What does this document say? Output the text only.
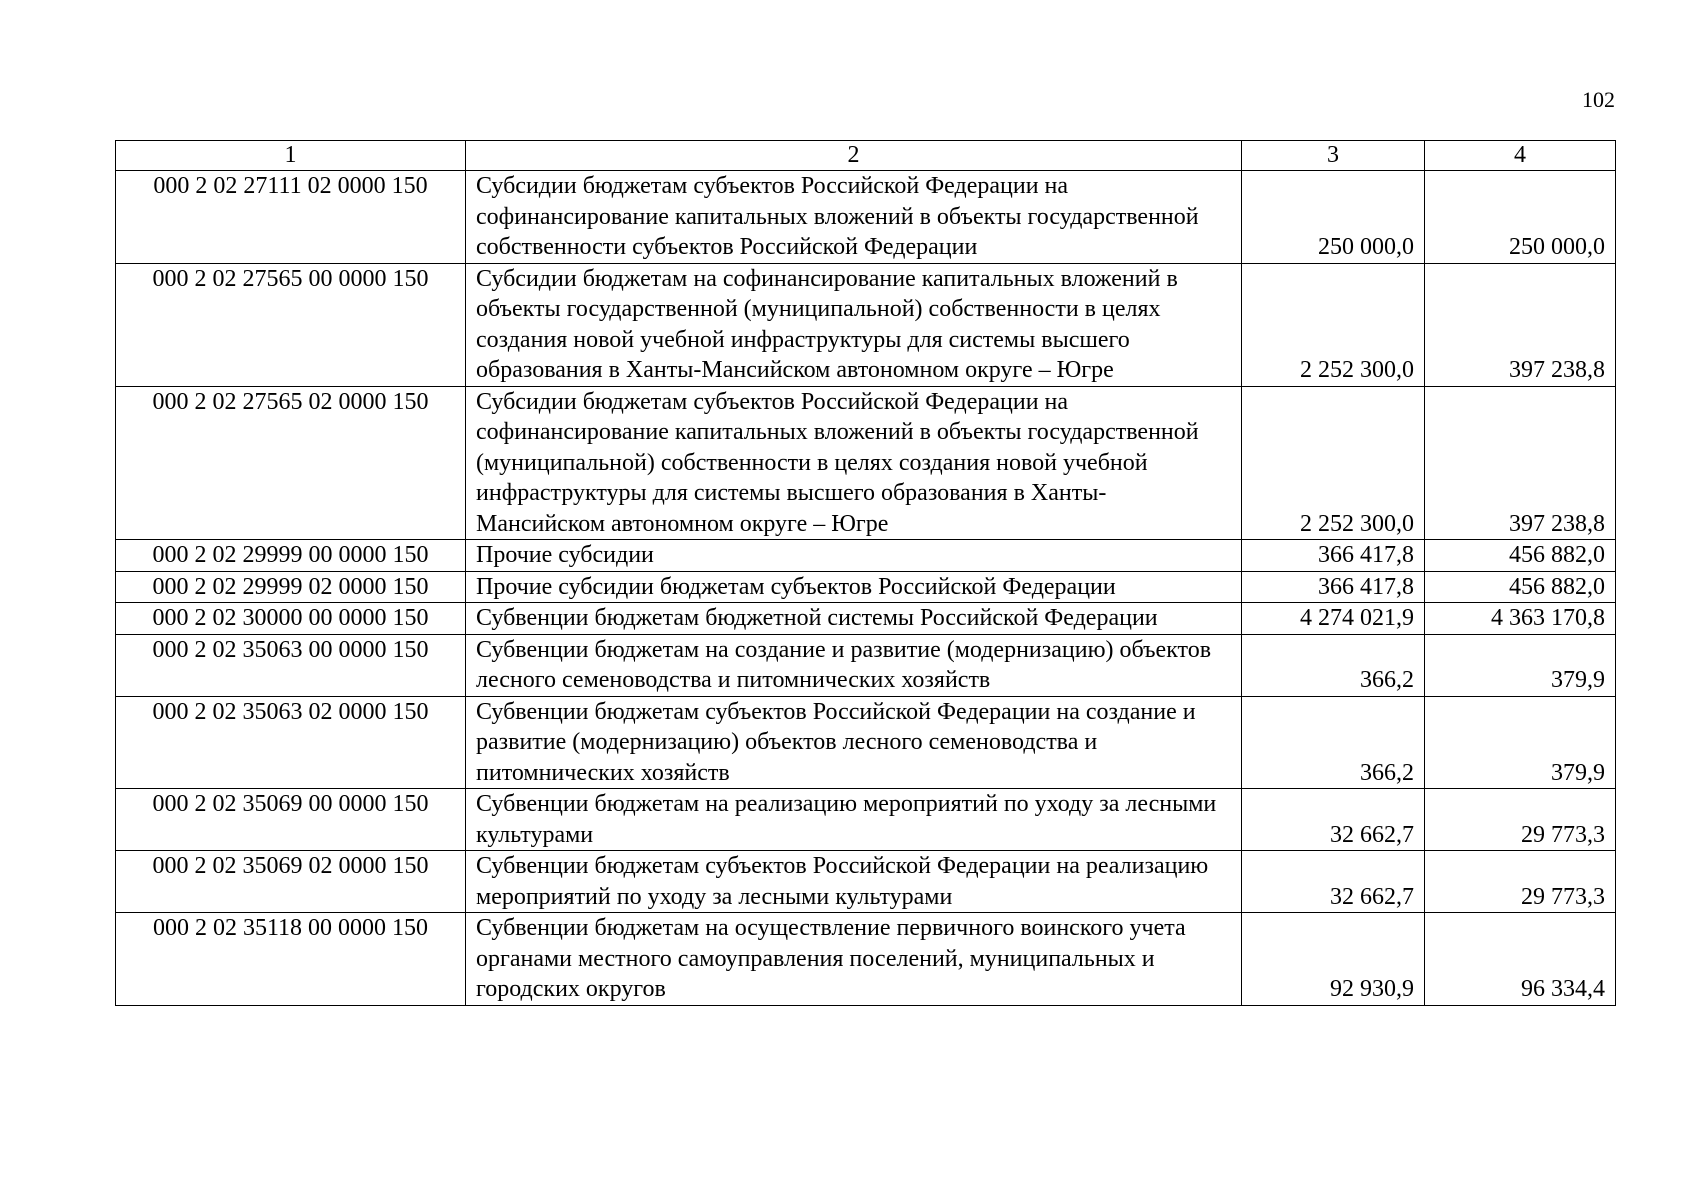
102
1	2	3	4
000 2 02 27111 02 0000 150	Субсидии бюджетам субъектов Российской Федерации на софинансирование капитальных вложений в объекты государственной собственности субъектов Российской Федерации	250 000,0	250 000,0
000 2 02 27565 00 0000 150	Субсидии бюджетам на софинансирование капитальных вложений в объекты государственной (муниципальной) собственности в целях создания новой учебной инфраструктуры для системы высшего образования в Ханты-Мансийском автономном округе – Югре	2 252 300,0	397 238,8
000 2 02 27565 02 0000 150	Субсидии бюджетам субъектов Российской Федерации на софинансирование капитальных вложений в объекты государственной (муниципальной) собственности в целях создания новой учебной инфраструктуры для системы высшего образования в Ханты-Мансийском автономном округе – Югре	2 252 300,0	397 238,8
000 2 02 29999 00 0000 150	Прочие субсидии	366 417,8	456 882,0
000 2 02 29999 02 0000 150	Прочие субсидии бюджетам субъектов Российской Федерации	366 417,8	456 882,0
000 2 02 30000 00 0000 150	Субвенции бюджетам бюджетной системы Российской Федерации	4 274 021,9	4 363 170,8
000 2 02 35063 00 0000 150	Субвенции бюджетам на создание и развитие (модернизацию) объектов лесного семеноводства и питомнических хозяйств	366,2	379,9
000 2 02 35063 02 0000 150	Субвенции бюджетам субъектов Российской Федерации на создание и развитие (модернизацию) объектов лесного семеноводства и питомнических хозяйств	366,2	379,9
000 2 02 35069 00 0000 150	Субвенции бюджетам на реализацию мероприятий по уходу за лесными культурами	32 662,7	29 773,3
000 2 02 35069 02 0000 150	Субвенции бюджетам субъектов Российской Федерации на реализацию мероприятий по уходу за лесными культурами	32 662,7	29 773,3
000 2 02 35118 00 0000 150	Субвенции бюджетам на осуществление первичного воинского учета органами местного самоуправления поселений, муниципальных и городских округов	92 930,9	96 334,4
